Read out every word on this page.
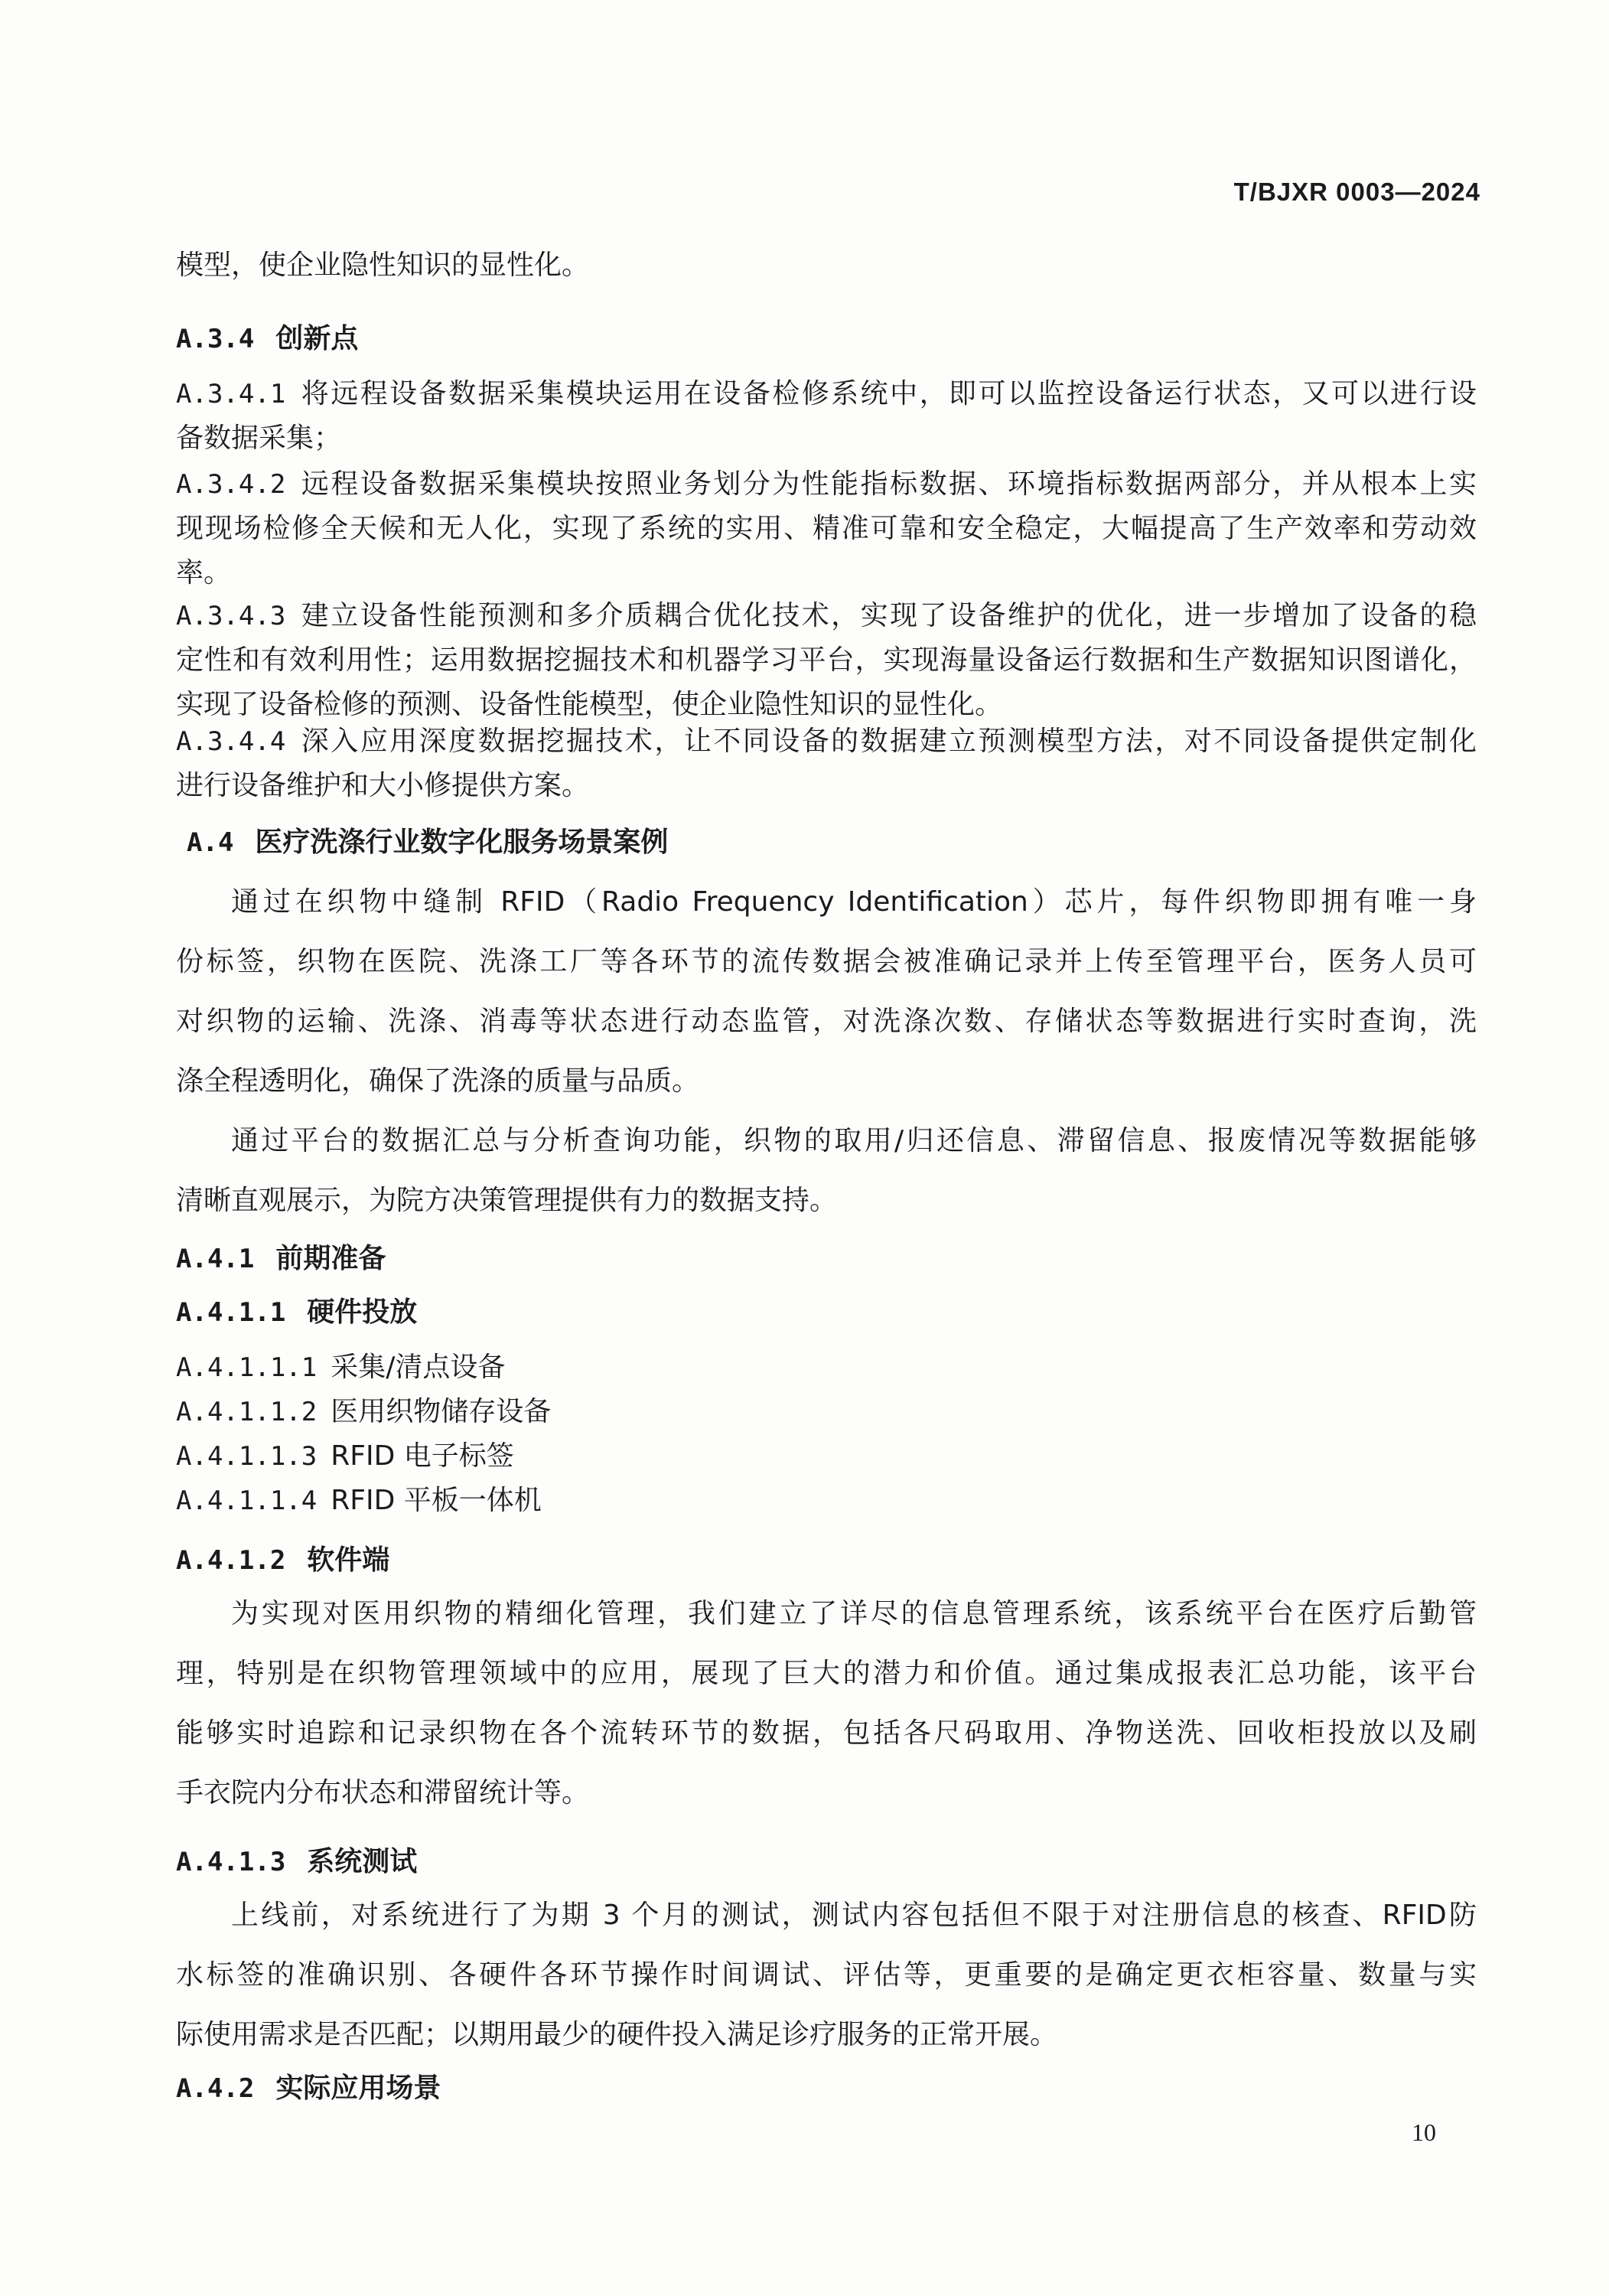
T/BJXR 0003—2024
模型，使企业隐性知识的显性化。
A.3.4 创新点
A.3.4.1 将远程设备数据采集模块运用在设备检修系统中，即可以监控设备运行状态，又可以进行设
备数据采集；
A.3.4.2 远程设备数据采集模块按照业务划分为性能指标数据、环境指标数据两部分，并从根本上实
现现场检修全天候和无人化，实现了系统的实用、精准可靠和安全稳定，大幅提高了生产效率和劳动效
率。
A.3.4.3 建立设备性能预测和多介质耦合优化技术，实现了设备维护的优化，进一步增加了设备的稳
定性和有效利用性；运用数据挖掘技术和机器学习平台，实现海量设备运行数据和生产数据知识图谱化，
实现了设备检修的预测、设备性能模型，使企业隐性知识的显性化。
A.3.4.4 深入应用深度数据挖掘技术，让不同设备的数据建立预测模型方法，对不同设备提供定制化
进行设备维护和大小修提供方案。
A.4 医疗洗涤行业数字化服务场景案例
通过在织物中缝制 RFID（Radio Frequency Identification）芯片，每件织物即拥有唯一身
份标签，织物在医院、洗涤工厂等各环节的流传数据会被准确记录并上传至管理平台，医务人员可
对织物的运输、洗涤、消毒等状态进行动态监管，对洗涤次数、存储状态等数据进行实时查询，洗
涤全程透明化，确保了洗涤的质量与品质。
通过平台的数据汇总与分析查询功能，织物的取用/归还信息、滞留信息、报废情况等数据能够
清晰直观展示，为院方决策管理提供有力的数据支持。
A.4.1 前期准备
A.4.1.1 硬件投放
A.4.1.1.1 采集/清点设备
A.4.1.1.2 医用织物储存设备
A.4.1.1.3 RFID 电子标签
A.4.1.1.4 RFID 平板一体机
A.4.1.2 软件端
为实现对医用织物的精细化管理，我们建立了详尽的信息管理系统，该系统平台在医疗后勤管
理，特别是在织物管理领域中的应用，展现了巨大的潜力和价值。通过集成报表汇总功能，该平台
能够实时追踪和记录织物在各个流转环节的数据，包括各尺码取用、净物送洗、回收柜投放以及刷
手衣院内分布状态和滞留统计等。
A.4.1.3 系统测试
上线前，对系统进行了为期 3 个月的测试，测试内容包括但不限于对注册信息的核查、RFID防
水标签的准确识别、各硬件各环节操作时间调试、评估等，更重要的是确定更衣柜容量、数量与实
际使用需求是否匹配；以期用最少的硬件投入满足诊疗服务的正常开展。
A.4.2 实际应用场景
10
